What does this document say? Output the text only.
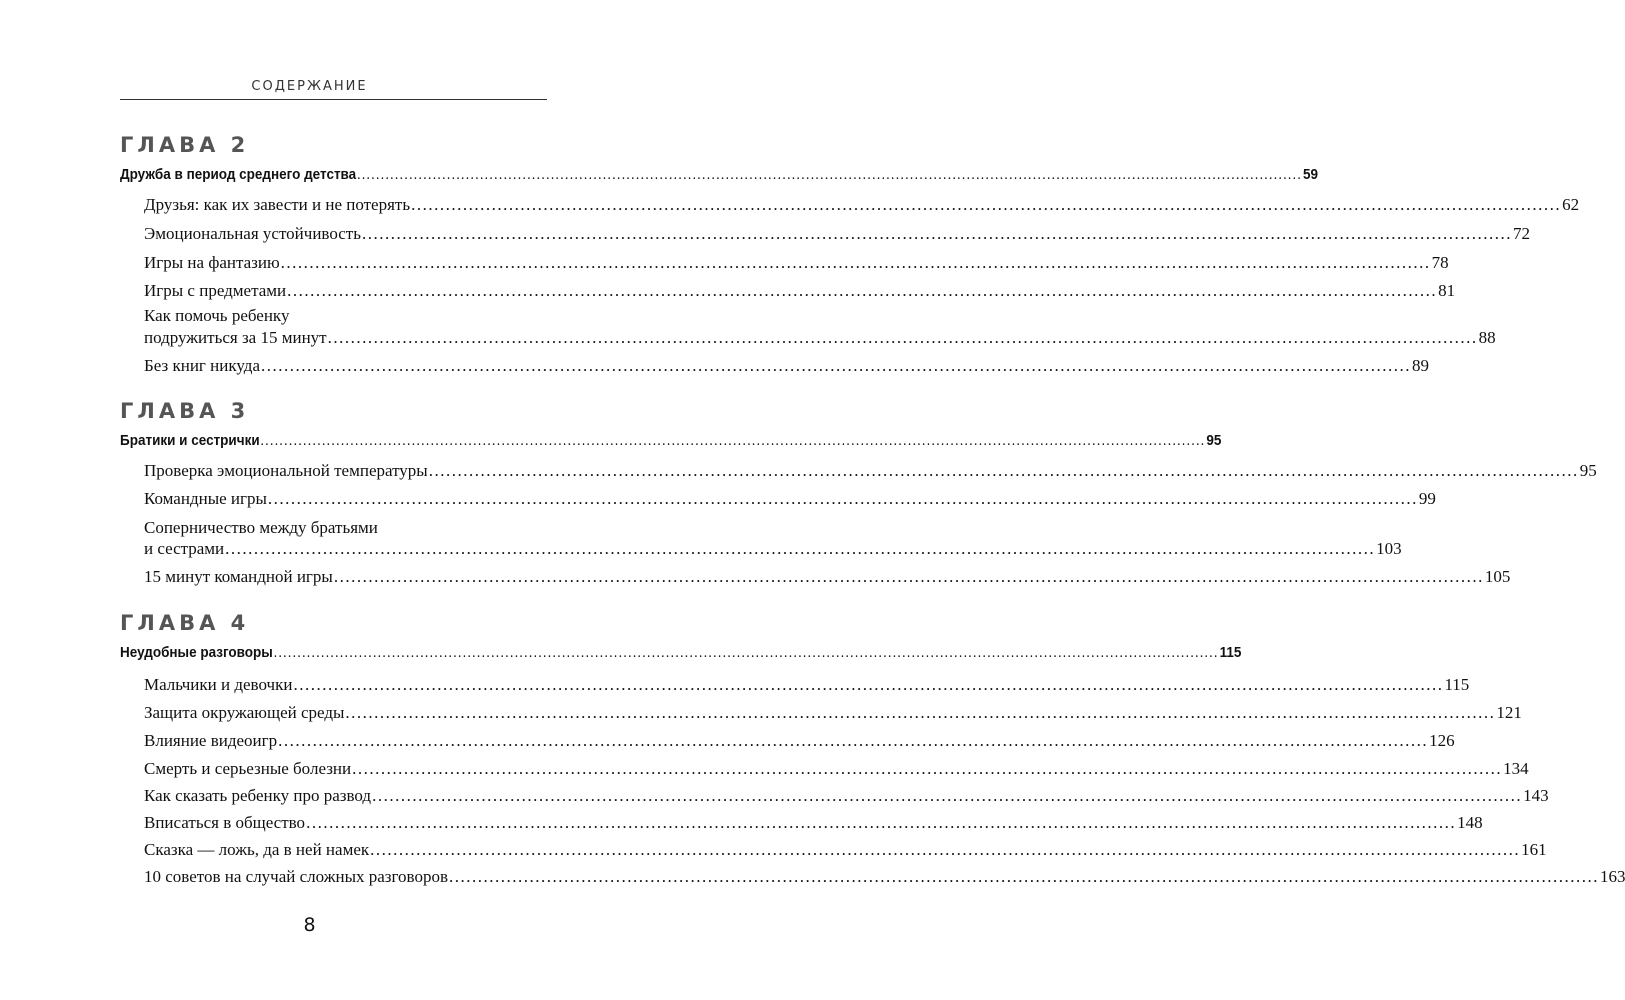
СОДЕРЖАНИЕ
ГЛАВА 2
Дружба в период среднего детства ........................................................................................................................................................................................................ 59
Друзья: как их завести и не потерять ........................................................................................................................................................................................................ 62
Эмоциональная устойчивость ........................................................................................................................................................................................................ 72
Игры на фантазию ........................................................................................................................................................................................................ 78
Игры с предметами ........................................................................................................................................................................................................ 81
Как помочь ребенку
подружиться за 15 минут ........................................................................................................................................................................................................ 88
Без книг никуда ........................................................................................................................................................................................................ 89
ГЛАВА 3
Братики и сестрички ........................................................................................................................................................................................................ 95
Проверка эмоциональной температуры ........................................................................................................................................................................................................ 95
Командные игры ........................................................................................................................................................................................................ 99
Соперничество между братьями
и сестрами ........................................................................................................................................................................................................ 103
15 минут командной игры ........................................................................................................................................................................................................ 105
ГЛАВА 4
Неудобные разговоры ........................................................................................................................................................................................................ 115
Мальчики и девочки ........................................................................................................................................................................................................ 115
Защита окружающей среды ........................................................................................................................................................................................................ 121
Влияние видеоигр ........................................................................................................................................................................................................ 126
Смерть и серьезные болезни ........................................................................................................................................................................................................ 134
Как сказать ребенку про развод ........................................................................................................................................................................................................ 143
Вписаться в общество ........................................................................................................................................................................................................ 148
Сказка — ложь, да в ней намек ........................................................................................................................................................................................................ 161
10 советов на случай сложных разговоров ........................................................................................................................................................................................................ 163
8
